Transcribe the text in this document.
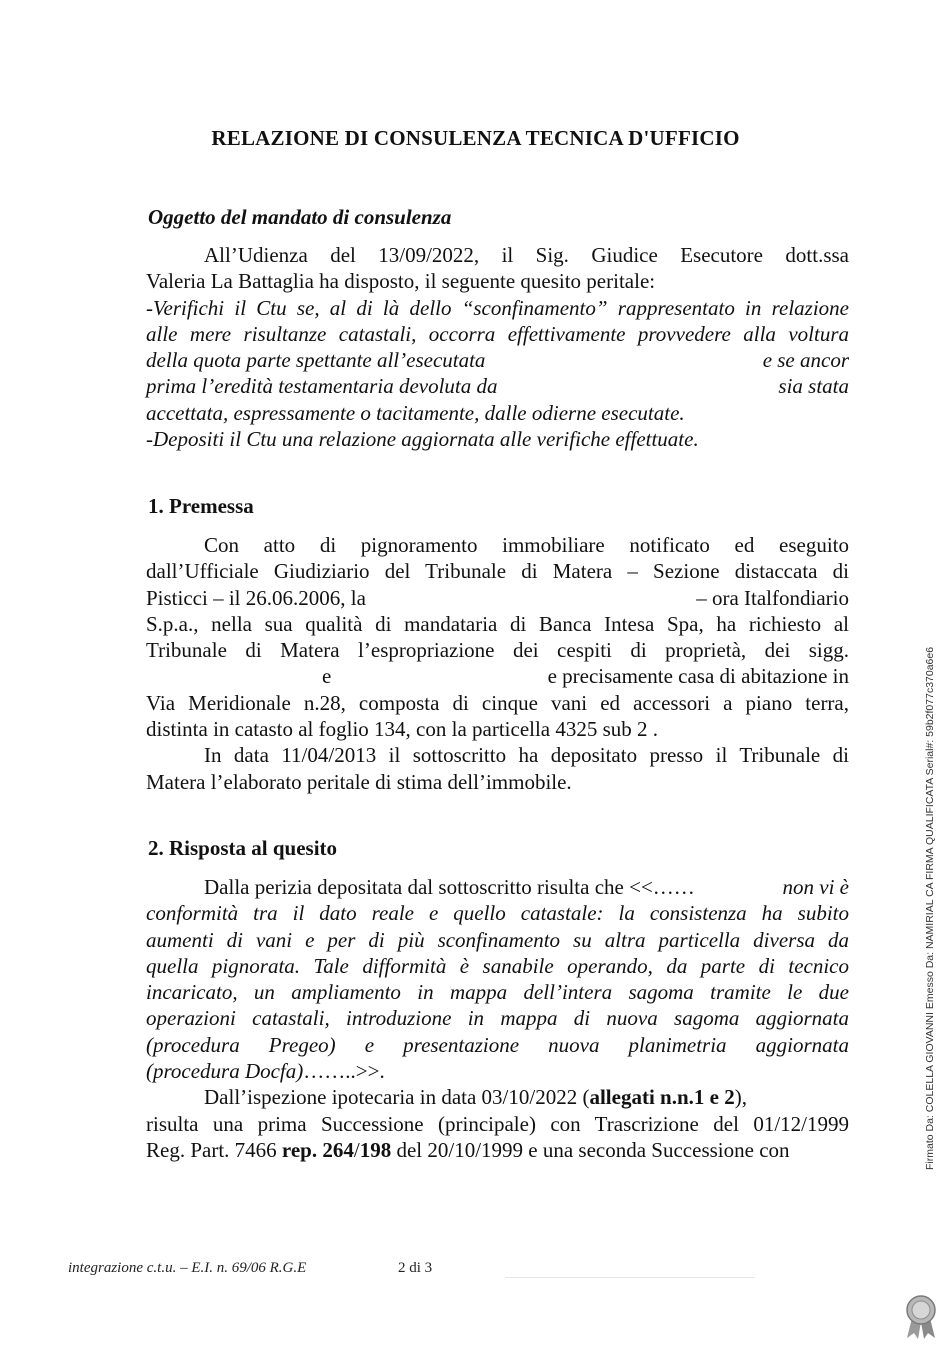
RELAZIONE DI CONSULENZA TECNICA D'UFFICIO
Oggetto del mandato di consulenza
All’Udienza del 13/09/2022, il Sig. Giudice Esecutore dott.ssa
Valeria La Battaglia ha disposto, il seguente quesito peritale:
-Verifichi il Ctu se, al di là dello “sconfinamento” rappresentato in relazione
alle mere risultanze catastali, occorra effettivamente provvedere alla voltura
della quota parte spettante all’esecutata	e se ancor
prima l’eredità testamentaria devoluta da	sia stata
accettata, espressamente o tacitamente, dalle odierne esecutate.
-Depositi il Ctu una relazione aggiornata alle verifiche effettuate.
1. Premessa
Con atto di pignoramento immobiliare notificato ed eseguito
dall’Ufficiale Giudiziario del Tribunale di Matera – Sezione distaccata di
Pisticci – il 26.06.2006, la	– ora Italfondiario
S.p.a., nella sua qualità di mandataria di Banca Intesa Spa, ha richiesto al
Tribunale di Matera l’espropriazione dei cespiti di proprietà, dei sigg.
e	e precisamente casa di abitazione in
Via Meridionale n.28, composta di cinque vani ed accessori a piano terra,
distinta in catasto al foglio 134, con la particella 4325 sub 2 .
In data 11/04/2013 il sottoscritto ha depositato presso il Tribunale di
Matera l’elaborato peritale di stima dell’immobile.
2. Risposta al quesito
Dalla perizia depositata dal sottoscritto risulta che <<……	non vi è
conformità tra il dato reale e quello catastale: la consistenza ha subito
aumenti di vani e per di più sconfinamento su altra particella diversa da
quella pignorata. Tale difformità è sanabile operando, da parte di tecnico
incaricato, un ampliamento in mappa dell’intera sagoma tramite le due
operazioni catastali, introduzione in mappa di nuova sagoma aggiornata
(procedura Pregeo) e presentazione nuova planimetria aggiornata
(procedura Docfa)……..>>.
Dall’ispezione ipotecaria in data 03/10/2022 (allegati n.n.1 e 2),
risulta una prima Successione (principale) con Trascrizione del 01/12/1999
Reg. Part. 7466 rep. 264/198 del 20/10/1999 e una seconda Successione con
integrazione c.t.u. – E.I. n. 69/06 R.G.E	2 di 3
Firmato Da: COLELLA GIOVANNI Emesso Da: NAMIRIAL CA FIRMA QUALIFICATA Serial#: 59b2f077c370a6e6
